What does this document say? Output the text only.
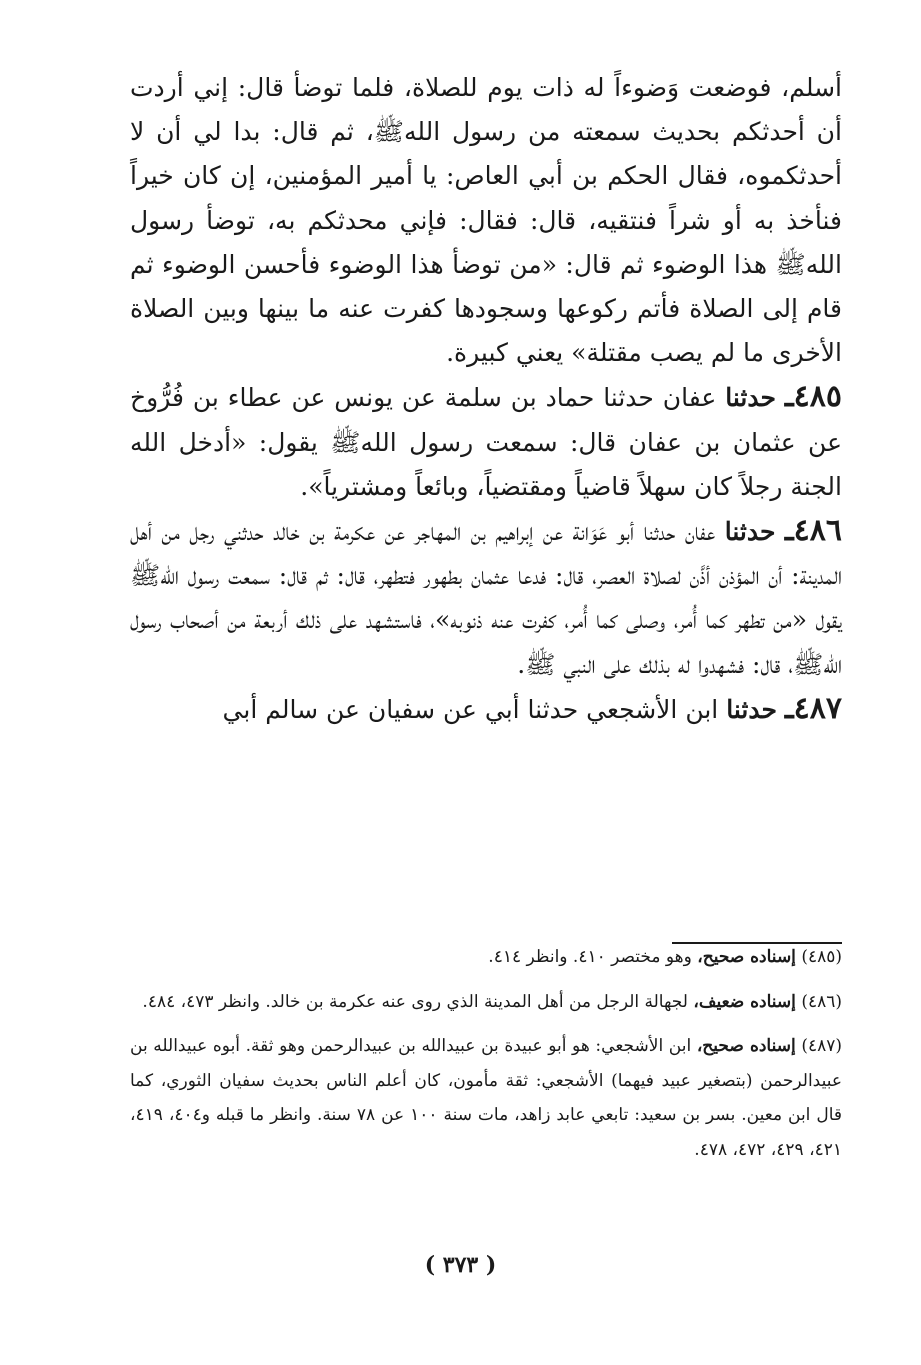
أسلم، فوضعت وَضوءاً له ذات يوم للصلاة، فلما توضأ قال: إني أردت أن أحدثكم بحديث سمعته من رسول اللهﷺ، ثم قال: بدا لي أن لا أحدثكموه، فقال الحكم بن أبي العاص: يا أمير المؤمنين، إن كان خيراً فنأخذ به أو شراً فنتقيه، قال: فقال: فإني محدثكم به، توضأ رسول اللهﷺ هذا الوضوء ثم قال: «من توضأ هذا الوضوء فأحسن الوضوء ثم قام إلى الصلاة فأتم ركوعها وسجودها كفرت عنه ما بينها وبين الصلاة الأخرى ما لم يصب مقتلة» يعني كبيرة.

٤٨٥ـ حدثنا عفان حدثنا حماد بن سلمة عن يونس عن عطاء بن فُرُّوخ عن عثمان بن عفان قال: سمعت رسول اللهﷺ يقول: «أدخل الله الجنة رجلاً كان سهلاً قاضياً ومقتضياً، وبائعاً ومشترياً».

٤٨٦ـ حدثنا عفان حدثنا أبو عَوَانة عن إبراهيم بن المهاجر عن عكرمة بن خالد حدثني رجل من أهل المدينة: أن المؤذن أذَّن لصلاة العصر، قال: فدعا عثمان بطهور فتطهر، قال: ثم قال: سمعت رسول اللهﷺ يقول «من تطهر كما أُمر، وصلى كما أُمر، كفرت عنه ذنوبه»، فاستشهد على ذلك أربعة من أصحاب رسول اللهﷺ، قال: فشهدوا له بذلك على النبي ﷺ.

٤٨٧ـ حدثنا ابن الأشجعي حدثنا أبي عن سفيان عن سالم أبي

(٤٨٥) إسناده صحيح، وهو مختصر ٤١٠. وانظر ٤١٤.

(٤٨٦) إسناده ضعيف، لجهالة الرجل من أهل المدينة الذي روى عنه عكرمة بن خالد. وانظر ٤٧٣، ٤٨٤.

(٤٨٧) إسناده صحيح، ابن الأشجعي: هو أبو عبيدة بن عبيدالله بن عبيدالرحمن وهو ثقة. أبوه عبيدالله بن عبيدالرحمن (بتصغير عبيد فيهما) الأشجعي: ثقة مأمون، كان أعلم الناس بحديث سفيان الثوري، كما قال ابن معين. بسر بن سعيد: تابعي عابد زاهد، مات سنة ١٠٠ عن ٧٨ سنة. وانظر ما قبله و٤٠٤، ٤١٩، ٤٢١، ٤٢٩، ٤٧٢، ٤٧٨.

( ٣٧٣ )
